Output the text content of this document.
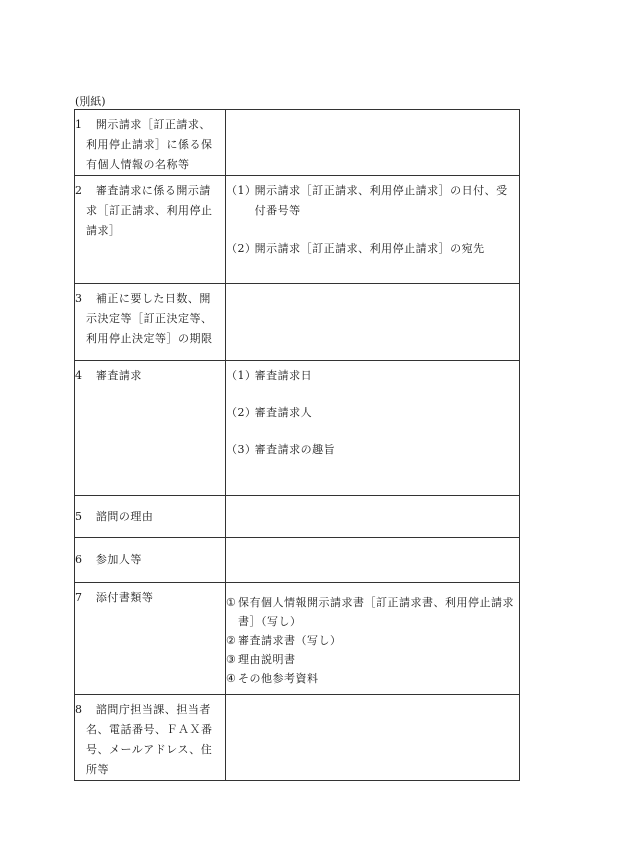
(別紙)
1 開示請求［訂正請求、利用停止請求］に係る保有個人情報の名称等	

2 審査請求に係る開示請求［訂正請求、利用停止請求］	（1）開示請求［訂正請求、利用停止請求］の日付、受付番号等
（2）開示請求［訂正請求、利用停止請求］の宛先

3 補正に要した日数、開示決定等［訂正決定等、利用停止決定等］の期限	

4 審査請求	（1）審査請求日
（2）審査請求人
（3）審査請求の趣旨

5 諮問の理由	

6 参加人等	

7 添付書類等	① 保有個人情報開示請求書［訂正請求書、利用停止請求書］（写し）
② 審査請求書（写し）
③ 理由説明書
④ その他参考資料

8 諮問庁担当課、担当者名、電話番号、ＦＡＸ番号、メールアドレス、住所等	
